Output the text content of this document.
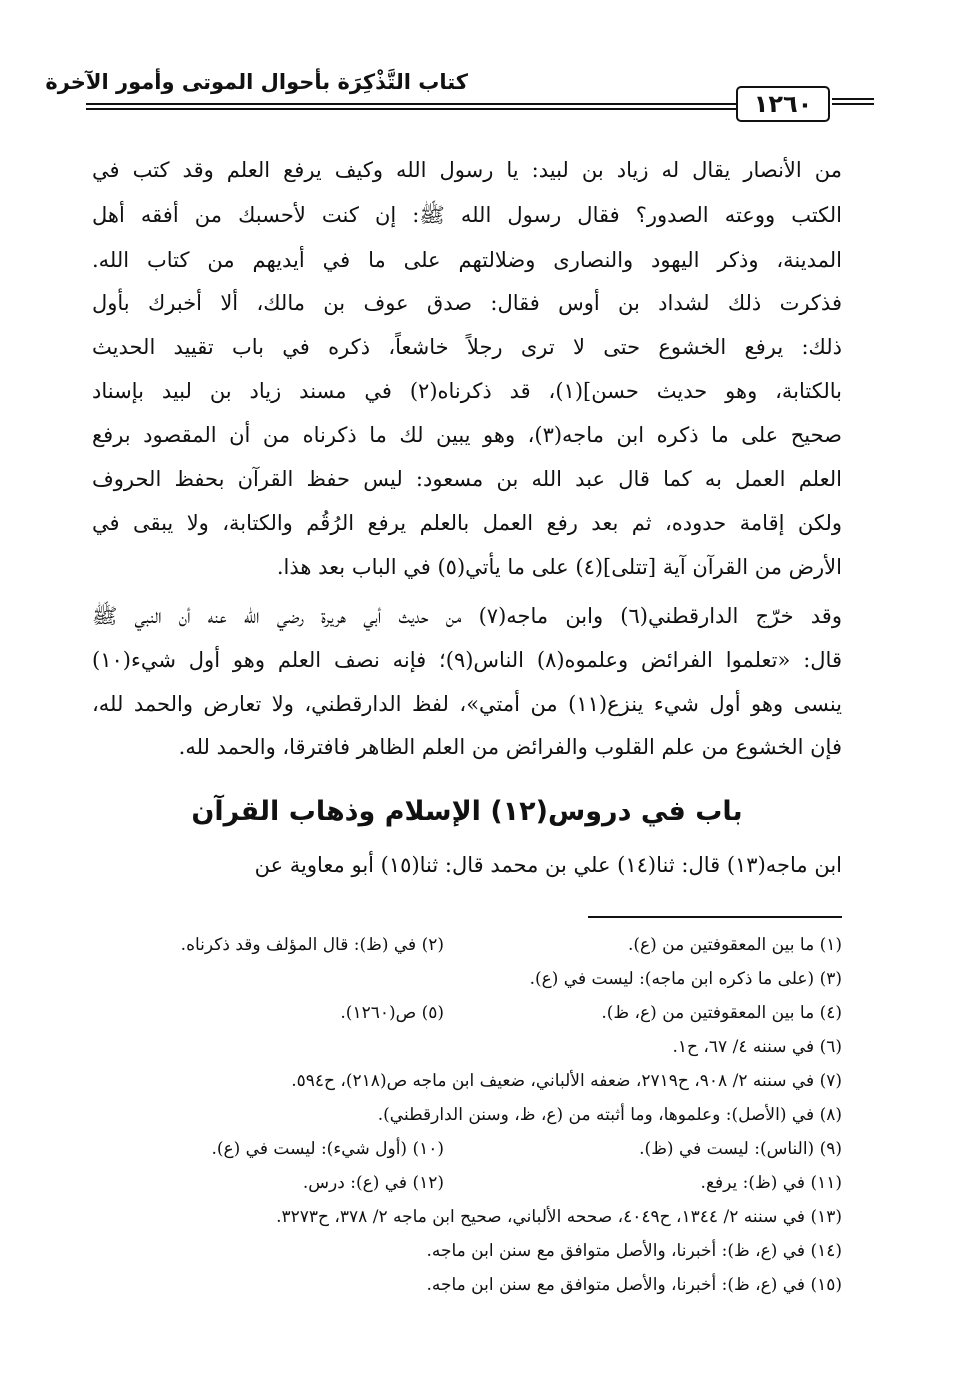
كتاب التَّذْكِرَة بأحوال الموتى وأمور الآخرة
١٢٦٠
من الأنصار يقال له زياد بن لبيد: يا رسول الله وكيف يرفع العلم وقد كتب في
الكتب ووعته الصدور؟ فقال رسول الله ﷺ: إن كنت لأحسبك من أفقه أهل
المدينة، وذكر اليهود والنصارى وضلالتهم على ما في أيديهم من كتاب الله.
فذكرت ذلك لشداد بن أوس فقال: صدق عوف بن مالك، ألا أخبرك بأول
ذلك: يرفع الخشوع حتى لا ترى رجلاً خاشعاً، ذكره في باب تقييد الحديث
بالكتابة، وهو حديث حسن](١)، قد ذكرناه(٢) في مسند زياد بن لبيد بإسناد
صحيح على ما ذكره ابن ماجه(٣)، وهو يبين لك ما ذكرناه من أن المقصود برفع
العلم العمل به كما قال عبد الله بن مسعود: ليس حفظ القرآن بحفظ الحروف
ولكن إقامة حدوده، ثم بعد رفع العمل بالعلم يرفع الرُقُم والكتابة، ولا يبقى في
الأرض من القرآن آية [تتلى](٤) على ما يأتي(٥) في الباب بعد هذا.
وقد خرّج الدارقطني(٦) وابن ماجه(٧) من حديث أبي هريرة رضي الله عنه أن النبي ﷺ
قال: «تعلموا الفرائض وعلموه(٨) الناس(٩)؛ فإنه نصف العلم وهو أول شيء(١٠)
ينسى وهو أول شيء ينزع(١١) من أمتي»، لفظ الدارقطني، ولا تعارض والحمد لله،
فإن الخشوع من علم القلوب والفرائض من العلم الظاهر فافترقا، والحمد لله.
باب في دروس(١٢) الإسلام وذهاب القرآن
ابن ماجه(١٣) قال: ثنا(١٤) علي بن محمد قال: ثنا(١٥) أبو معاوية عن
(١) ما بين المعقوفتين من (ع).
(٢) في (ظ): قال المؤلف وقد ذكرناه.
(٣) (على ما ذكره ابن ماجه): ليست في (ع).
(٤) ما بين المعقوفتين من (ع، ظ).
(٥) ص(١٢٦٠).
(٦) في سننه ٤/ ٦٧، ح١.
(٧) في سننه ٢/ ٩٠٨، ح٢٧١٩، ضعفه الألباني، ضعيف ابن ماجه ص(٢١٨)، ح٥٩٤.
(٨) في (الأصل): وعلموها، وما أثبته من (ع، ظ، وسنن الدارقطني).
(٩) (الناس): ليست في (ظ).
(١٠) (أول شيء): ليست في (ع).
(١١) في (ظ): يرفع.
(١٢) في (ع): درس.
(١٣) في سننه ٢/ ١٣٤٤، ح٤٠٤٩، صححه الألباني، صحيح ابن ماجه ٢/ ٣٧٨، ح٣٢٧٣.
(١٤) في (ع، ظ): أخبرنا، والأصل متوافق مع سنن ابن ماجه.
(١٥) في (ع، ظ): أخبرنا، والأصل متوافق مع سنن ابن ماجه.
